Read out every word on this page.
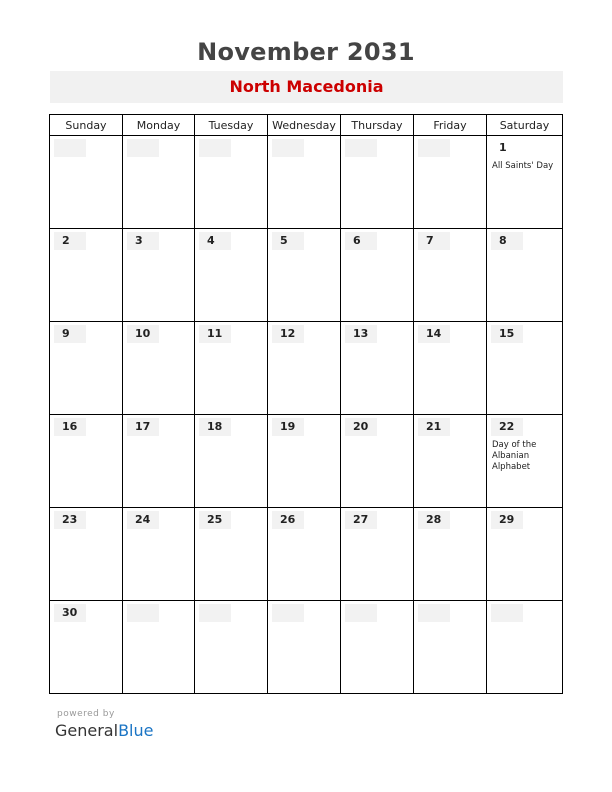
November 2031
North Macedonia
Sunday	Monday	Tuesday	Wednesday	Thursday	Friday	Saturday

						1
All Saints' Day

2	3	4	5	6	7	8

9	10	11	12	13	14	15

16	17	18	19	20	21	22
Day of the Albanian Alphabet

23	24	25	26	27	28	29

30						

powered by
GeneralBlue
